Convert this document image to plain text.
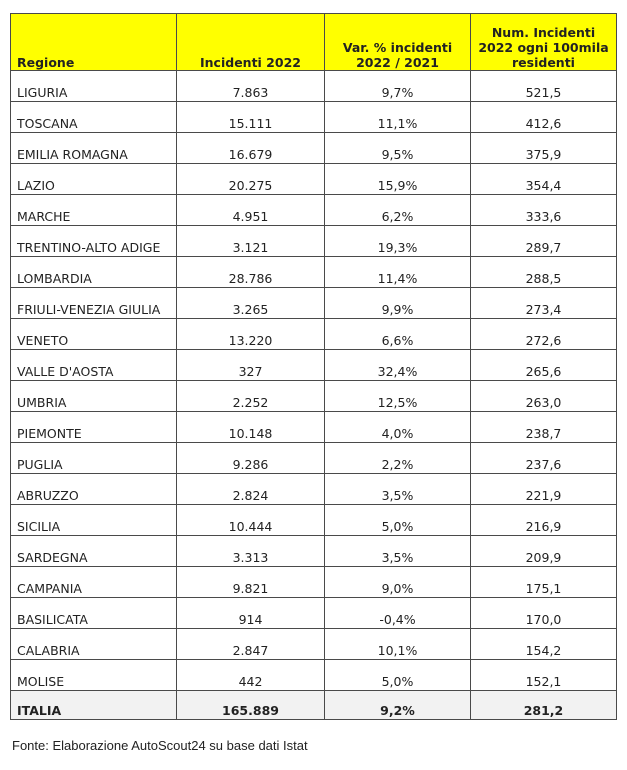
Regione	Incidenti 2022	Var. % incidenti 2022 / 2021	Num. Incidenti 2022 ogni 100mila residenti
LIGURIA	7.863	9,7%	521,5
TOSCANA	15.111	11,1%	412,6
EMILIA ROMAGNA	16.679	9,5%	375,9
LAZIO	20.275	15,9%	354,4
MARCHE	4.951	6,2%	333,6
TRENTINO-ALTO ADIGE	3.121	19,3%	289,7
LOMBARDIA	28.786	11,4%	288,5
FRIULI-VENEZIA GIULIA	3.265	9,9%	273,4
VENETO	13.220	6,6%	272,6
VALLE D'AOSTA	327	32,4%	265,6
UMBRIA	2.252	12,5%	263,0
PIEMONTE	10.148	4,0%	238,7
PUGLIA	9.286	2,2%	237,6
ABRUZZO	2.824	3,5%	221,9
SICILIA	10.444	5,0%	216,9
SARDEGNA	3.313	3,5%	209,9
CAMPANIA	9.821	9,0%	175,1
BASILICATA	914	-0,4%	170,0
CALABRIA	2.847	10,1%	154,2
MOLISE	442	5,0%	152,1
ITALIA	165.889	9,2%	281,2
Fonte: Elaborazione AutoScout24 su base dati Istat
